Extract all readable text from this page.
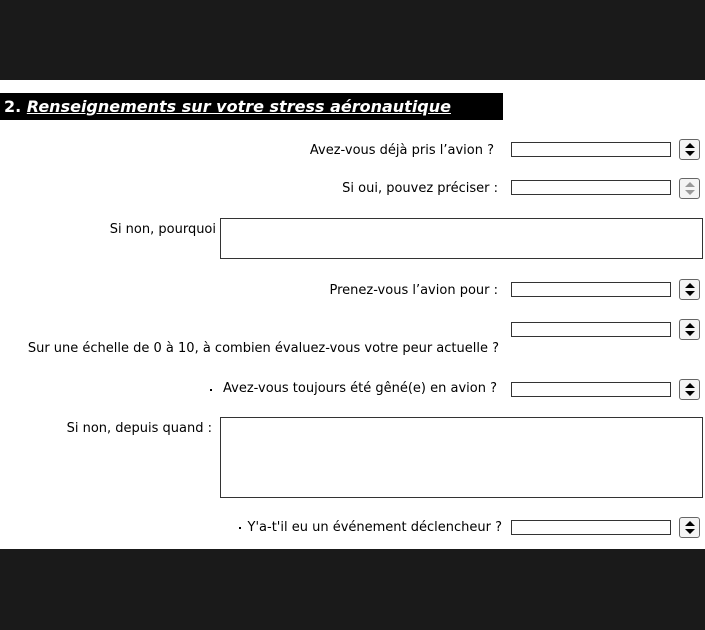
2. Renseignements sur votre stress aéronautique
Avez-vous déjà pris l’avion ?
Si oui, pouvez préciser :
Si non, pourquoi
Prenez-vous l’avion pour :
Sur une échelle de 0 à 10, à combien évaluez-vous votre peur actuelle ?
Avez-vous toujours été gêné(e) en avion ?
Si non, depuis quand :
Y'a-t'il eu un événement déclencheur ?
